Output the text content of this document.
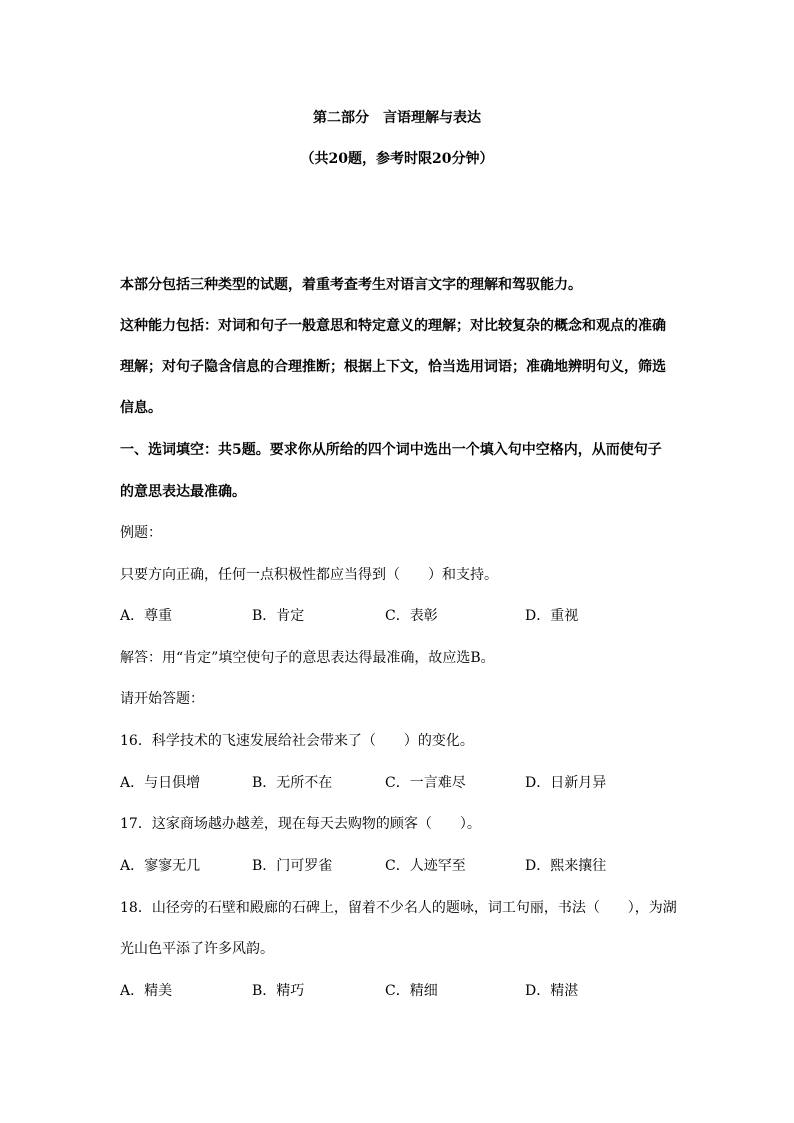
第二部分　言语理解与表达
（共20题，参考时限20分钟）
本部分包括三种类型的试题，着重考查考生对语言文字的理解和驾驭能力。
这种能力包括：对词和句子一般意思和特定意义的理解；对比较复杂的概念和观点的准确
理解；对句子隐含信息的合理推断；根据上下文，恰当选用词语；准确地辨明句义，筛选
信息。
一、选词填空：共5题。要求你从所给的四个词中选出一个填入句中空格内，从而使句子
的意思表达最准确。
例题：
只要方向正确，任何一点积极性都应当得到（　　）和支持。
A．尊重	B．肯定	C．表彰	D．重视
解答：用“肯定”填空使句子的意思表达得最准确，故应选B。
请开始答题：
16．科学技术的飞速发展给社会带来了（　　）的变化。
A．与日俱增	B．无所不在	C．一言难尽	D．日新月异
17．这家商场越办越差，现在每天去购物的顾客（　　）。
A．寥寥无几	B．门可罗雀	C．人迹罕至	D．熙来攘往
18．山径旁的石壁和殿廊的石碑上，留着不少名人的题咏，词工句丽，书法（　　），为湖
光山色平添了许多风韵。
A．精美	B．精巧	C．精细	D．精湛
